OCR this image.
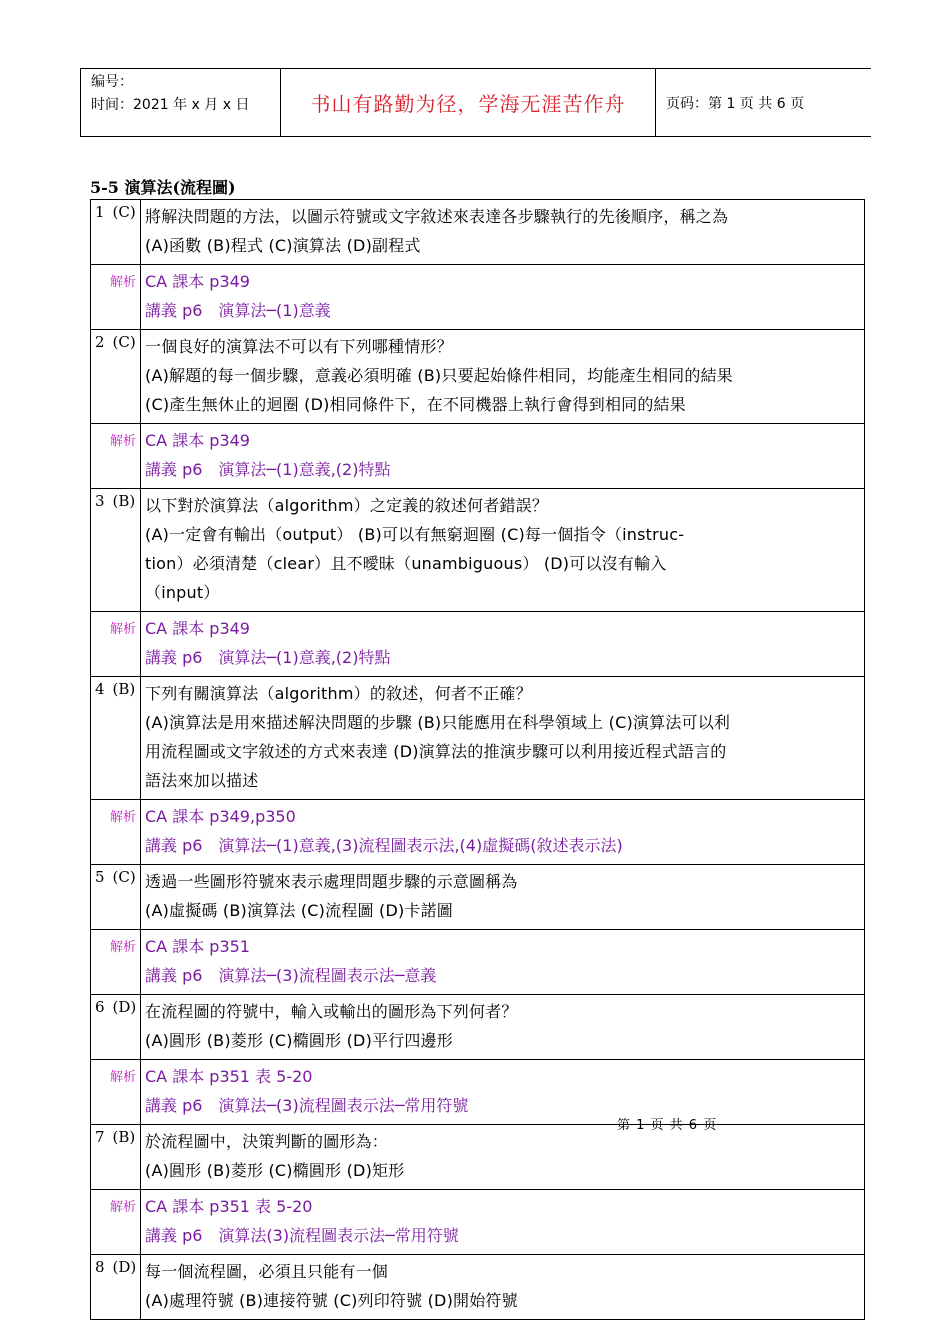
编号：
时间：2021 年 x 月 x 日	书山有路勤为径，学海无涯苦作舟	页码：第 1 页 共 6 页
5-5 演算法(流程圖)
1 (C)	將解決問題的方法，以圖示符號或文字敘述來表達各步驟執行的先後順序，稱之為
(A)函數 (B)程式 (C)演算法 (D)副程式

解析	CA 課本 p349
講義 p6　演算法─(1)意義

2 (C)	一個良好的演算法不可以有下列哪種情形？
(A)解題的每一個步驟，意義必須明確 (B)只要起始條件相同，均能產生相同的結果
(C)產生無休止的迴圈 (D)相同條件下，在不同機器上執行會得到相同的結果

解析	CA 課本 p349
講義 p6　演算法─(1)意義,(2)特點

3 (B)	以下對於演算法（algorithm）之定義的敘述何者錯誤？
(A)一定會有輸出（output） (B)可以有無窮迴圈 (C)每一個指令（instruc-
tion）必須清楚（clear）且不曖昧（unambiguous） (D)可以沒有輸入
（input）

解析	CA 課本 p349
講義 p6　演算法─(1)意義,(2)特點

4 (B)	下列有關演算法（algorithm）的敘述，何者不正確？
(A)演算法是用來描述解決問題的步驟 (B)只能應用在科學領域上 (C)演算法可以利
用流程圖或文字敘述的方式來表達 (D)演算法的推演步驟可以利用接近程式語言的
語法來加以描述

解析	CA 課本 p349,p350
講義 p6　演算法─(1)意義,(3)流程圖表示法,(4)虛擬碼(敘述表示法)

5 (C)	透過一些圖形符號來表示處理問題步驟的示意圖稱為
(A)虛擬碼 (B)演算法 (C)流程圖 (D)卡諾圖

解析	CA 課本 p351
講義 p6　演算法─(3)流程圖表示法─意義

6 (D)	在流程圖的符號中，輸入或輸出的圖形為下列何者？
(A)圓形 (B)菱形 (C)橢圓形 (D)平行四邊形

解析	CA 課本 p351 表 5-20
講義 p6　演算法─(3)流程圖表示法─常用符號

7 (B)	於流程圖中，決策判斷的圖形為：
(A)圓形 (B)菱形 (C)橢圓形 (D)矩形

解析	CA 課本 p351 表 5-20
講義 p6　演算法(3)流程圖表示法─常用符號

8 (D)	每一個流程圖，必須且只能有一個
(A)處理符號 (B)連接符號 (C)列印符號 (D)開始符號
第 1 页 共 6 页
